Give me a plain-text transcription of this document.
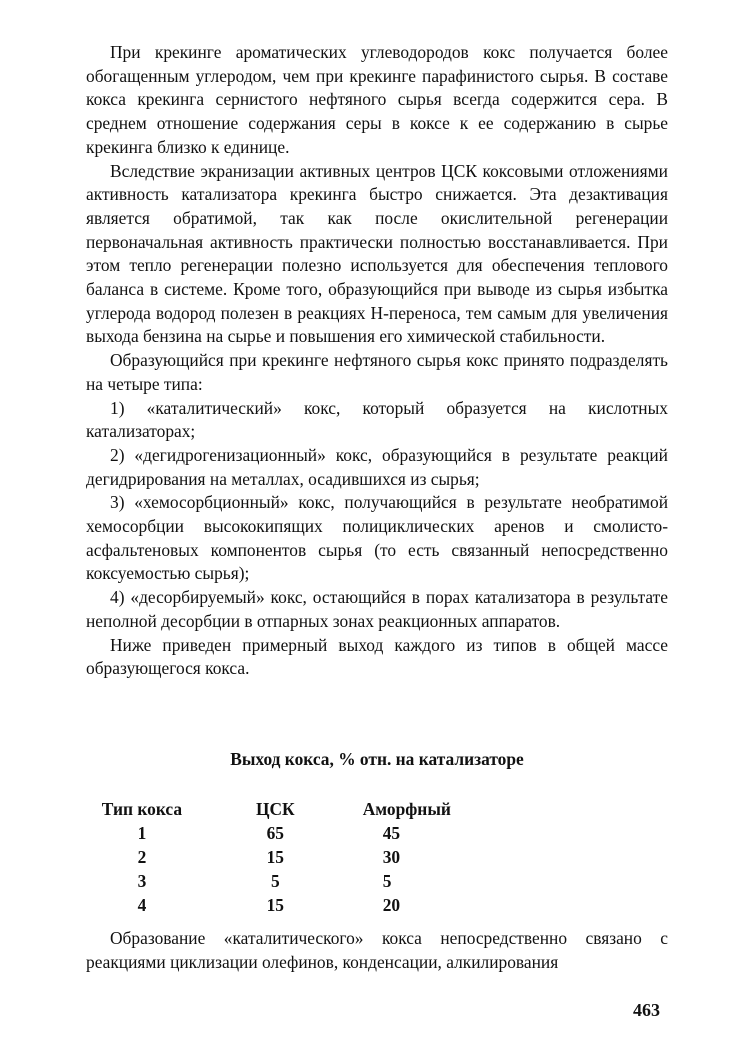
При крекинге ароматических углеводородов кокс получается более обогащенным углеродом, чем при крекинге парафинистого сырья. В составе кокса крекинга сернистого нефтяного сырья всегда содержится сера. В среднем отношение содержания серы в коксе к ее содержанию в сырье крекинга близко к единице.

Вследствие экранизации активных центров ЦСК коксовыми отложениями активность катализатора крекинга быстро снижается. Эта дезактивация является обратимой, так как после окислительной регенерации первоначальная активность практически полностью восстанавливается. При этом тепло регенерации полезно используется для обеспечения теплового баланса в системе. Кроме того, образующийся при выводе из сырья избытка углерода водород полезен в реакциях Н-переноса, тем самым для увеличения выхода бензина на сырье и повышения его химической стабильности.

Образующийся при крекинге нефтяного сырья кокс принято подразделять на четыре типа:

1) «каталитический» кокс, который образуется на кислотных катализаторах;

2) «дегидрогенизационный» кокс, образующийся в результате реакций дегидрирования на металлах, осадившихся из сырья;

3) «хемосорбционный» кокс, получающийся в результате необратимой хемосорбции высококипящих полициклических аренов и смолисто-асфальтеновых компонентов сырья (то есть связанный непосредственно коксуемостью сырья);

4) «десорбируемый» кокс, остающийся в порах катализатора в результате неполной десорбции в отпарных зонах реакционных аппаратов.

Ниже приведен примерный выход каждого из типов в общей массе образующегося кокса.

Выход кокса, % отн. на катализаторе
Тип кокса	ЦСК	Аморфный
1	65	45
2	15	30
3	5	5
4	15	20

Образование «каталитического» кокса непосредственно связано с реакциями циклизации олефинов, конденсации, алкилирования

463
